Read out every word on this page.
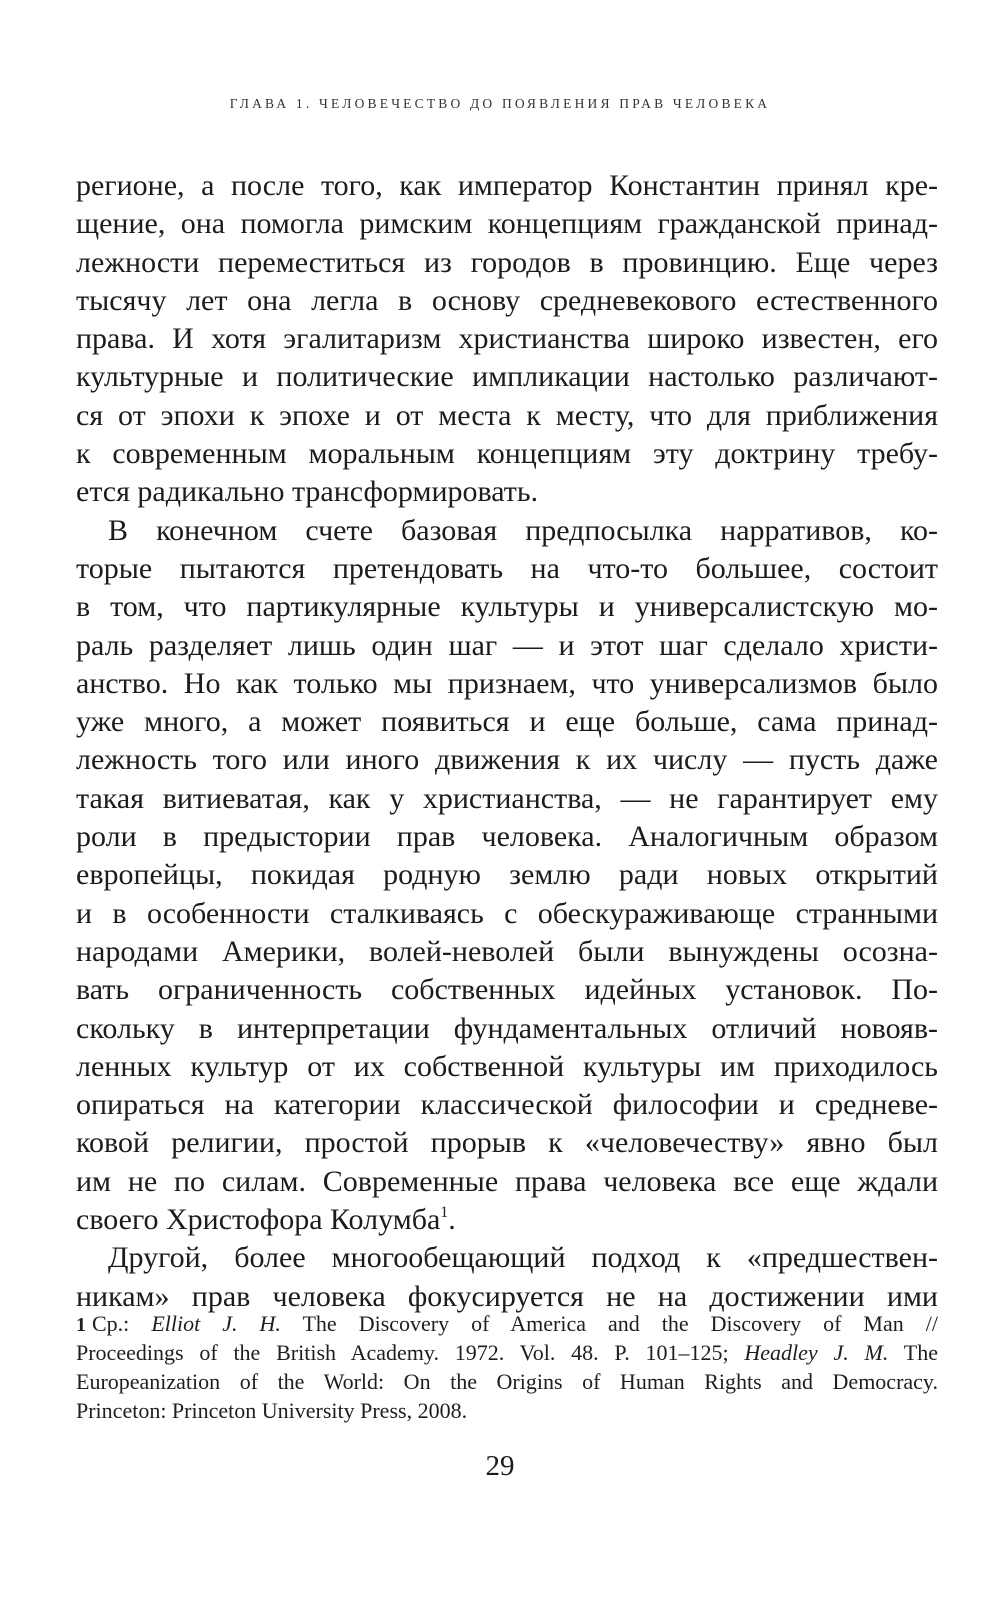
ГЛАВА 1. ЧЕЛОВЕЧЕСТВО ДО ПОЯВЛЕНИЯ ПРАВ ЧЕЛОВЕКА
регионе, а после того, как император Константин принял кре-
щение, она помогла римским концепциям гражданской принад-
лежности переместиться из городов в провинцию. Еще через
тысячу лет она легла в основу средневекового естественного
права. И хотя эгалитаризм христианства широко известен, его
культурные и политические импликации настолько различают-
ся от эпохи к эпохе и от места к месту, что для приближения
к современным моральным концепциям эту доктрину требу-
ется радикально трансформировать.
В конечном счете базовая предпосылка нарративов, ко-
торые пытаются претендовать на что-то большее, состоит
в том, что партикулярные культуры и универсалистскую мо-
раль разделяет лишь один шаг — и этот шаг сделало христи-
анство. Но как только мы признаем, что универсализмов было
уже много, а может появиться и еще больше, сама принад-
лежность того или иного движения к их числу — пусть даже
такая витиеватая, как у христианства, — не гарантирует ему
роли в предыстории прав человека. Аналогичным образом
европейцы, покидая родную землю ради новых открытий
и в особенности сталкиваясь с обескураживающе странными
народами Америки, волей-неволей были вынуждены осозна-
вать ограниченность собственных идейных установок. По-
скольку в интерпретации фундаментальных отличий новояв-
ленных культур от их собственной культуры им приходилось
опираться на категории классической философии и средневе-
ковой религии, простой прорыв к «человечеству» явно был
им не по силам. Современные права человека все еще ждали
своего Христофора Колумба$^1$.
Другой, более многообещающий подход к «предшествен-
никам» прав человека фокусируется не на достижении ими
1 Ср.: Elliot J. H. The Discovery of America and the Discovery of Man //
Proceedings of the British Academy. 1972. Vol. 48. P. 101–125; Headley J. M. The
Europeanization of the World: On the Origins of Human Rights and Democracy.
Princeton: Princeton University Press, 2008.
29
